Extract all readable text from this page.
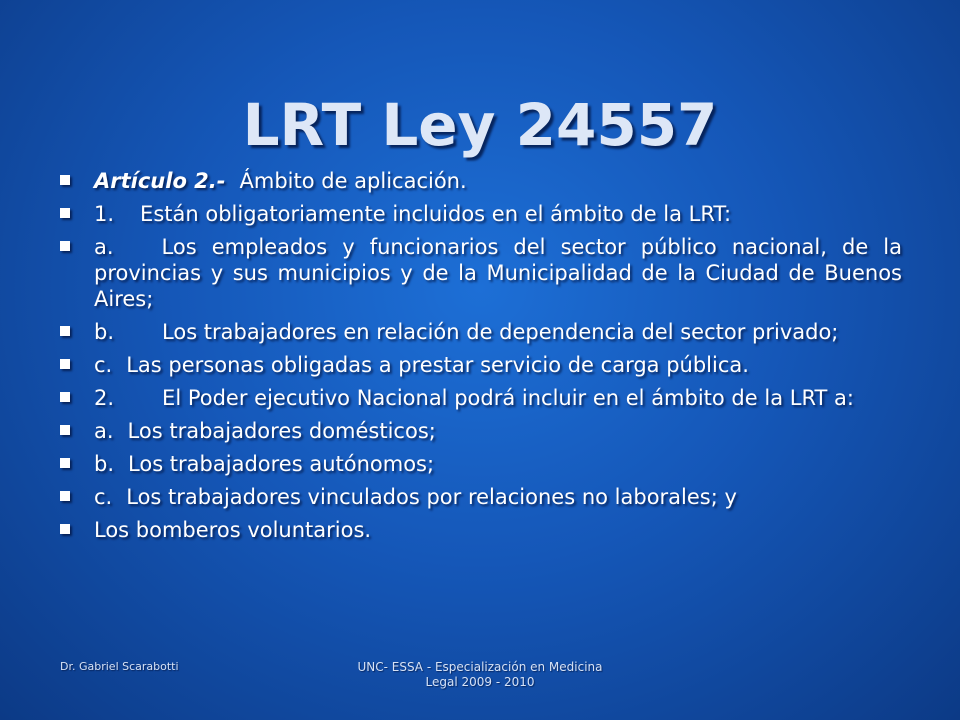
LRT Ley 24557
Artículo 2.- Ámbito de aplicación.
1. Están obligatoriamente incluidos en el ámbito de la LRT:
a. Los empleados y funcionarios del sector público nacional, de la provincias y sus municipios y de la Municipalidad de la Ciudad de Buenos Aires;
b. Los trabajadores en relación de dependencia del sector privado;
c. Las personas obligadas a prestar servicio de carga pública.
2. El Poder ejecutivo Nacional podrá incluir en el ámbito de la LRT a:
a. Los trabajadores domésticos;
b. Los trabajadores autónomos;
c. Los trabajadores vinculados por relaciones no laborales; y
Los bomberos voluntarios.
Dr. Gabriel Scarabotti	UNC- ESSA - Especialización en Medicina
Legal 2009 - 2010
